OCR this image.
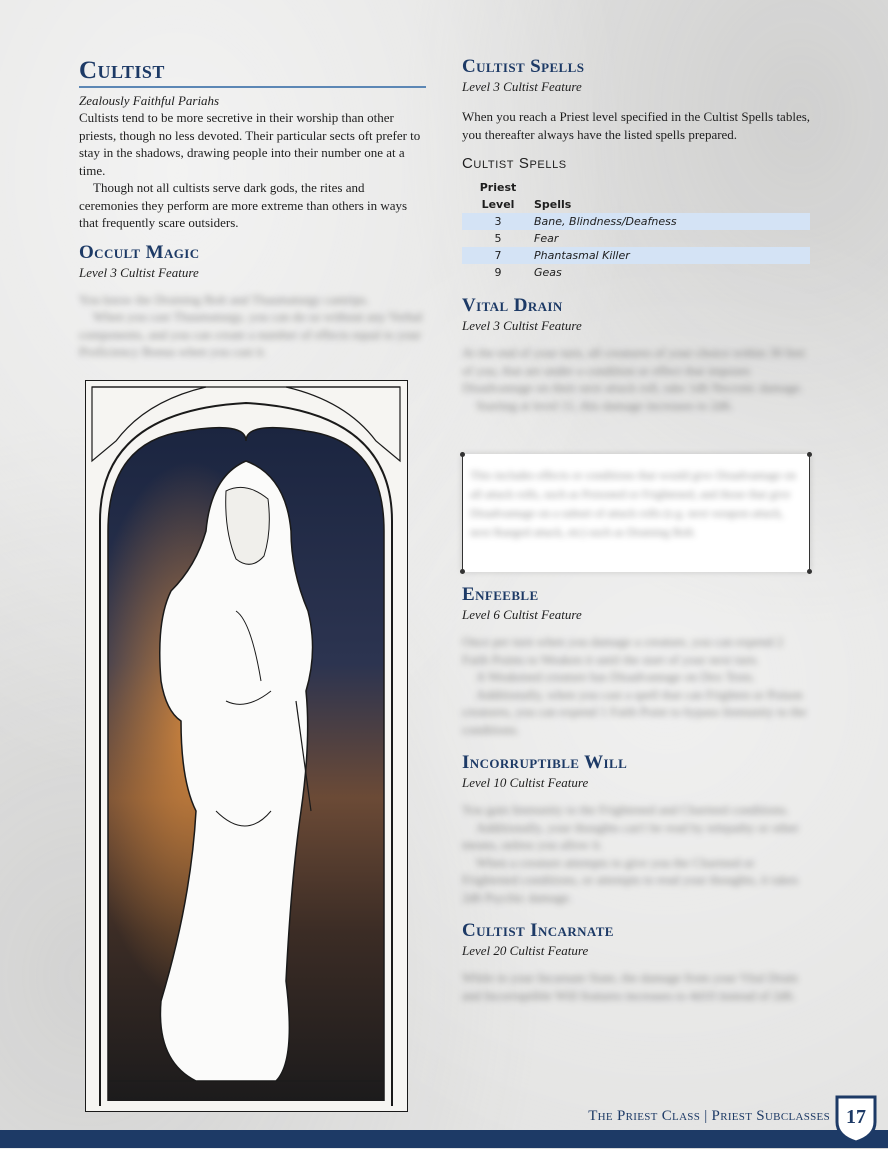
Cultist

Zealously Faithful Pariahs

Cultists tend to be more secretive in their worship than other priests, though no less devoted. Their particular sects oft prefer to stay in the shadows, drawing people into their number one at a time.

Though not all cultists serve dark gods, the rites and ceremonies they perform are more extreme than others in ways that frequently scare outsiders.

Occult Magic

Level 3 Cultist Feature

You know the Draining Bolt and Thaumaturgy cantrips.

When you cast Thaumaturgy, you can do so without any Verbal components, and you can create a number of effects equal to your Proficiency Bonus when you cast it.

Cultist Spells

Level 3 Cultist Feature

When you reach a Priest level specified in the Cultist Spells tables, you thereafter always have the listed spells prepared.

Cultist Spells

Priest
Level	Spells
3	Bane, Blindness/Deafness
5	Fear
7	Phantasmal Killer
9	Geas
Vital Drain

Level 3 Cultist Feature

At the end of your turn, all creatures of your choice within 30 feet of you, that are under a condition or effect that imposes Disadvantage on their next attack roll, take 1d6 Necrotic damage.

Starting at level 11, this damage increases to 2d6.

This includes effects or conditions that would give Disadvantage on all attack rolls, such as Poisoned or Frightened, and those that give Disadvantage on a subset of attack rolls (e.g. next weapon attack, next Ranged attack, etc) such as Draining Bolt.

Enfeeble

Level 6 Cultist Feature

Once per turn when you damage a creature, you can expend 2 Faith Points to Weaken it until the start of your next turn.

A Weakened creature has Disadvantage on Dex Tests.

Additionally, when you cast a spell that can Frighten or Poison creatures, you can expend 1 Faith Point to bypass Immunity to the conditions.

Incorruptible Will

Level 10 Cultist Feature

You gain Immunity to the Frightened and Charmed conditions.

Additionally, your thoughts can't be read by telepathy or other means, unless you allow it.

When a creature attempts to give you the Charmed or Frightened conditions, or attempts to read your thoughts, it takes 2d6 Psychic damage.

Cultist Incarnate

Level 20 Cultist Feature

While in your Incarnate State, the damage from your Vital Drain and Incorruptible Will features increases to 4d10 instead of 2d6.

The Priest Class | Priest Subclasses 17
